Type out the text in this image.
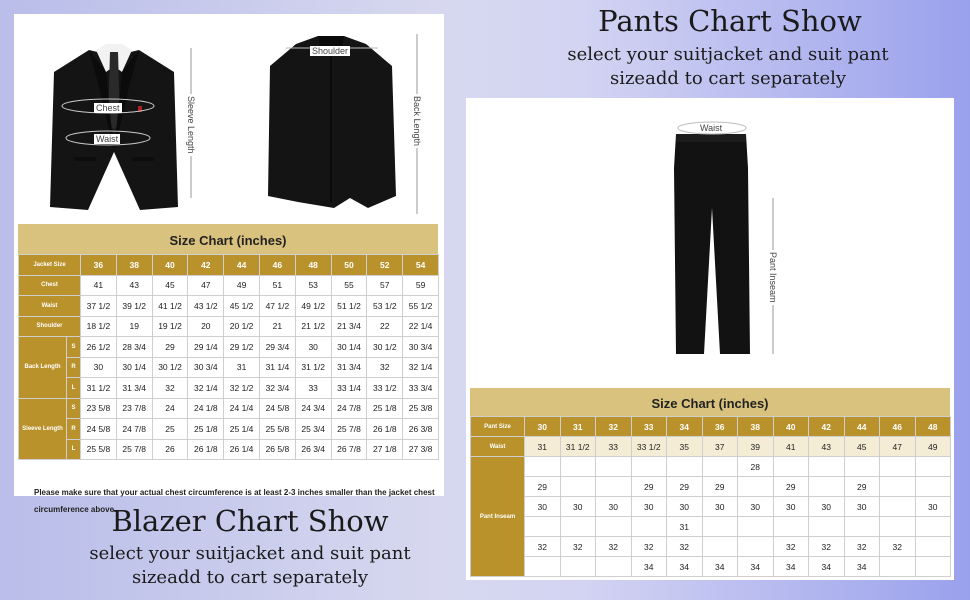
Chest
Waist	Sleeve Length
Shoulder
Back Length
Size Chart (inches)
Jacket Size		36	38	40	42	44	46	48	50	52	54
Chest		41	43	45	47	49	51	53	55	57	59
Waist		37 1/2	39 1/2	41 1/2	43 1/2	45 1/2	47 1/2	49 1/2	51 1/2	53 1/2	55 1/2
Shoulder		18 1/2	19	19 1/2	20	20 1/2	21	21 1/2	21 3/4	22	22 1/4
Back Length	S	26 1/2	28 3/4	29	29 1/4	29 1/2	29 3/4	30	30 1/4	30 1/2	30 3/4
	R	30	30 1/4	30 1/2	30 3/4	31	31 1/4	31 1/2	31 3/4	32	32 1/4
	L	31 1/2	31 3/4	32	32 1/4	32 1/2	32 3/4	33	33 1/4	33 1/2	33 3/4
Sleeve Length	S	23 5/8	23 7/8	24	24 1/8	24 1/4	24 5/8	24 3/4	24 7/8	25 1/8	25 3/8
	R	24 5/8	24 7/8	25	25 1/8	25 1/4	25 5/8	25 3/4	25 7/8	26 1/8	26 3/8
	L	25 5/8	25 7/8	26	26 1/8	26 1/4	26 5/8	26 3/4	26 7/8	27 1/8	27 3/8
Please make sure that your actual chest circumference is at least 2-3 inches smaller than the jacket chest circumference above.
Blazer Chart Show
select your suitjacket and suit pant
sizeadd to cart separately
Pants Chart Show
select your suitjacket and suit pant
sizeadd to cart separately
Waist
Pant Inseam
Size Chart (inches)
Pant Size	30	31	32	33	34	36	38	40	42	44	46	48
Waist	31	31 1/2	33	33 1/2	35	37	39	41	43	45	47	49
Pant Inseam							28					
	29			29	29	29		29		29		
	30	30	30	30	30	30	30	30	30	30		30
					31							
	32	32	32	32	32			32	32	32	32	
				34	34	34	34	34	34	34		
